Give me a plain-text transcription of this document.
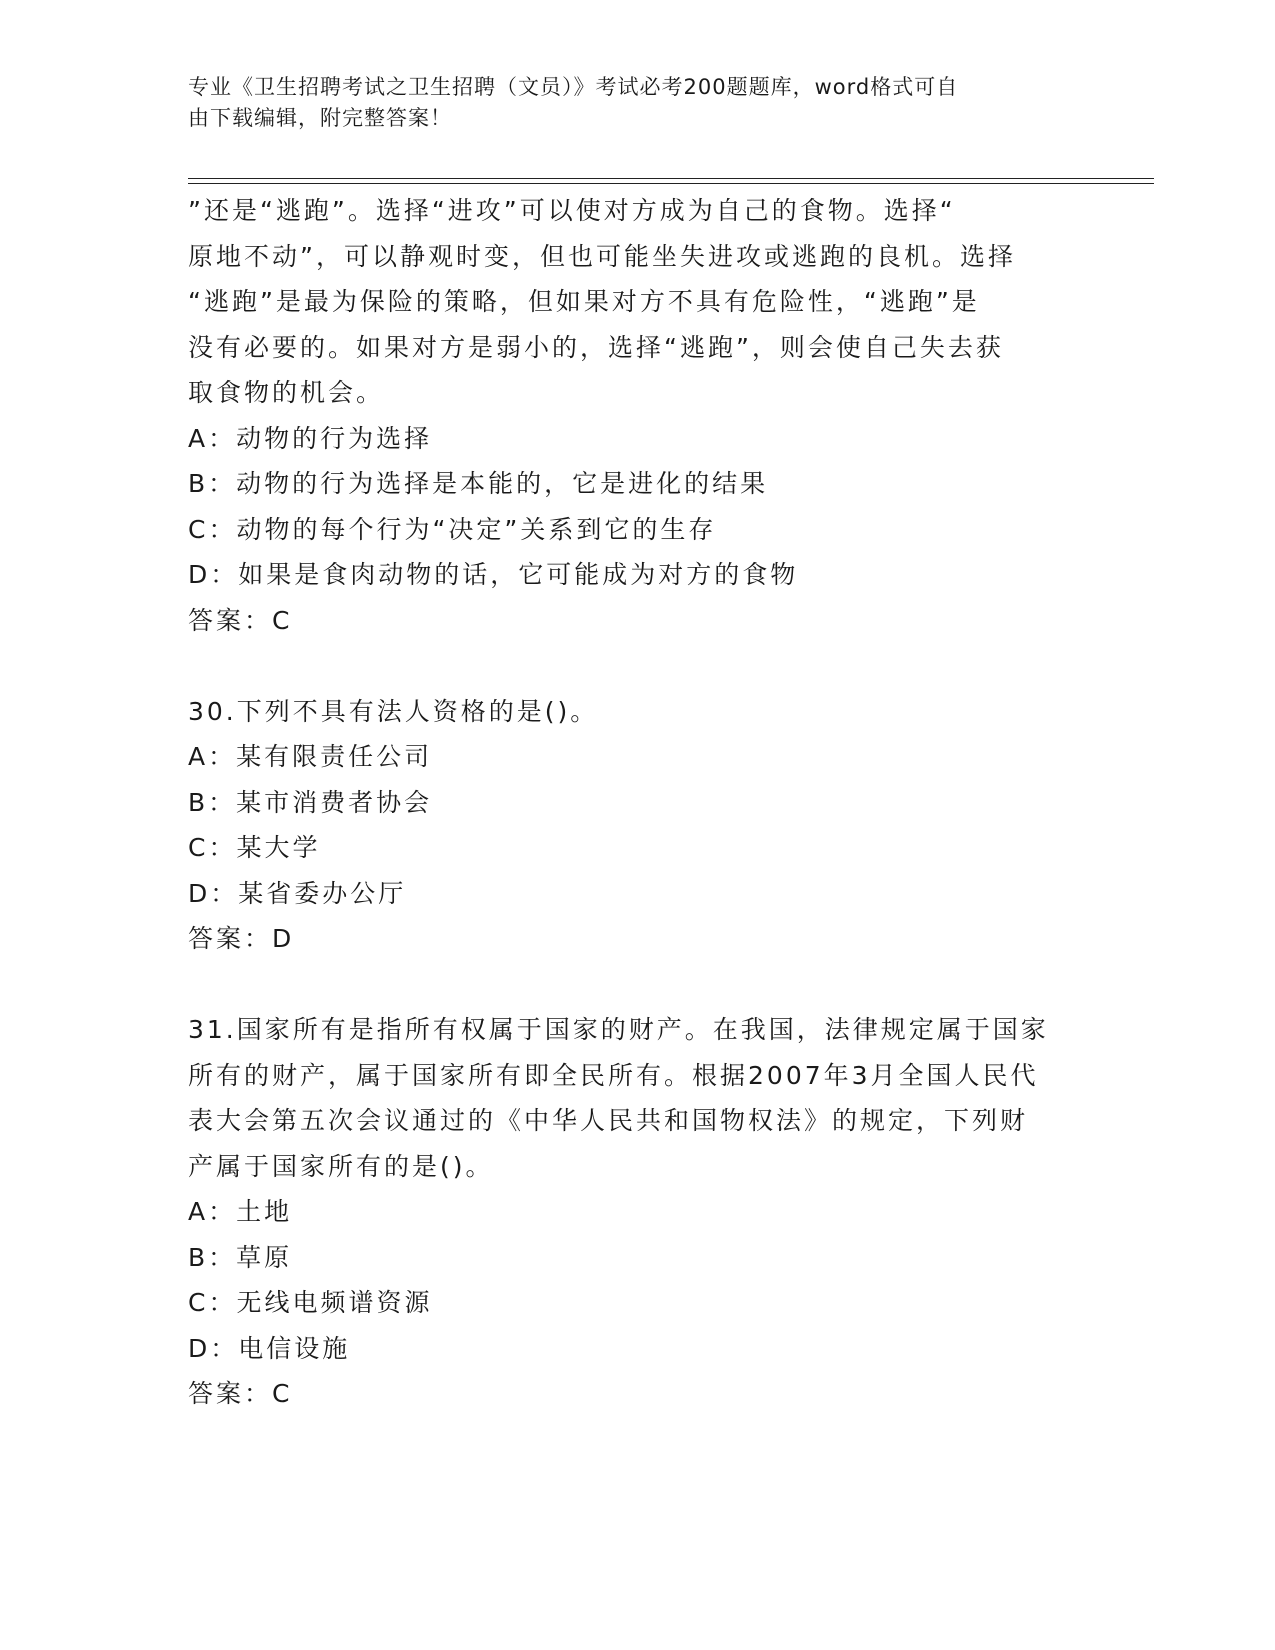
专业《卫生招聘考试之卫生招聘（文员）》考试必考200题题库，word格式可自
由下载编辑，附完整答案！

”还是“逃跑”。选择“进攻”可以使对方成为自己的食物。选择“

原地不动”，可以静观时变，但也可能坐失进攻或逃跑的良机。选择

“逃跑”是最为保险的策略，但如果对方不具有危险性，“逃跑”是

没有必要的。如果对方是弱小的，选择“逃跑”，则会使自己失去获

取食物的机会。

A：动物的行为选择

B：动物的行为选择是本能的，它是进化的结果

C：动物的每个行为“决定”关系到它的生存

D：如果是食肉动物的话，它可能成为对方的食物

答案：C

30.下列不具有法人资格的是()。

A：某有限责任公司

B：某市消费者协会

C：某大学

D：某省委办公厅

答案：D

31.国家所有是指所有权属于国家的财产。在我国，法律规定属于国家

所有的财产，属于国家所有即全民所有。根据2007年3月全国人民代

表大会第五次会议通过的《中华人民共和国物权法》的规定，下列财

产属于国家所有的是()。

A：土地

B：草原

C：无线电频谱资源

D：电信设施

答案：C
